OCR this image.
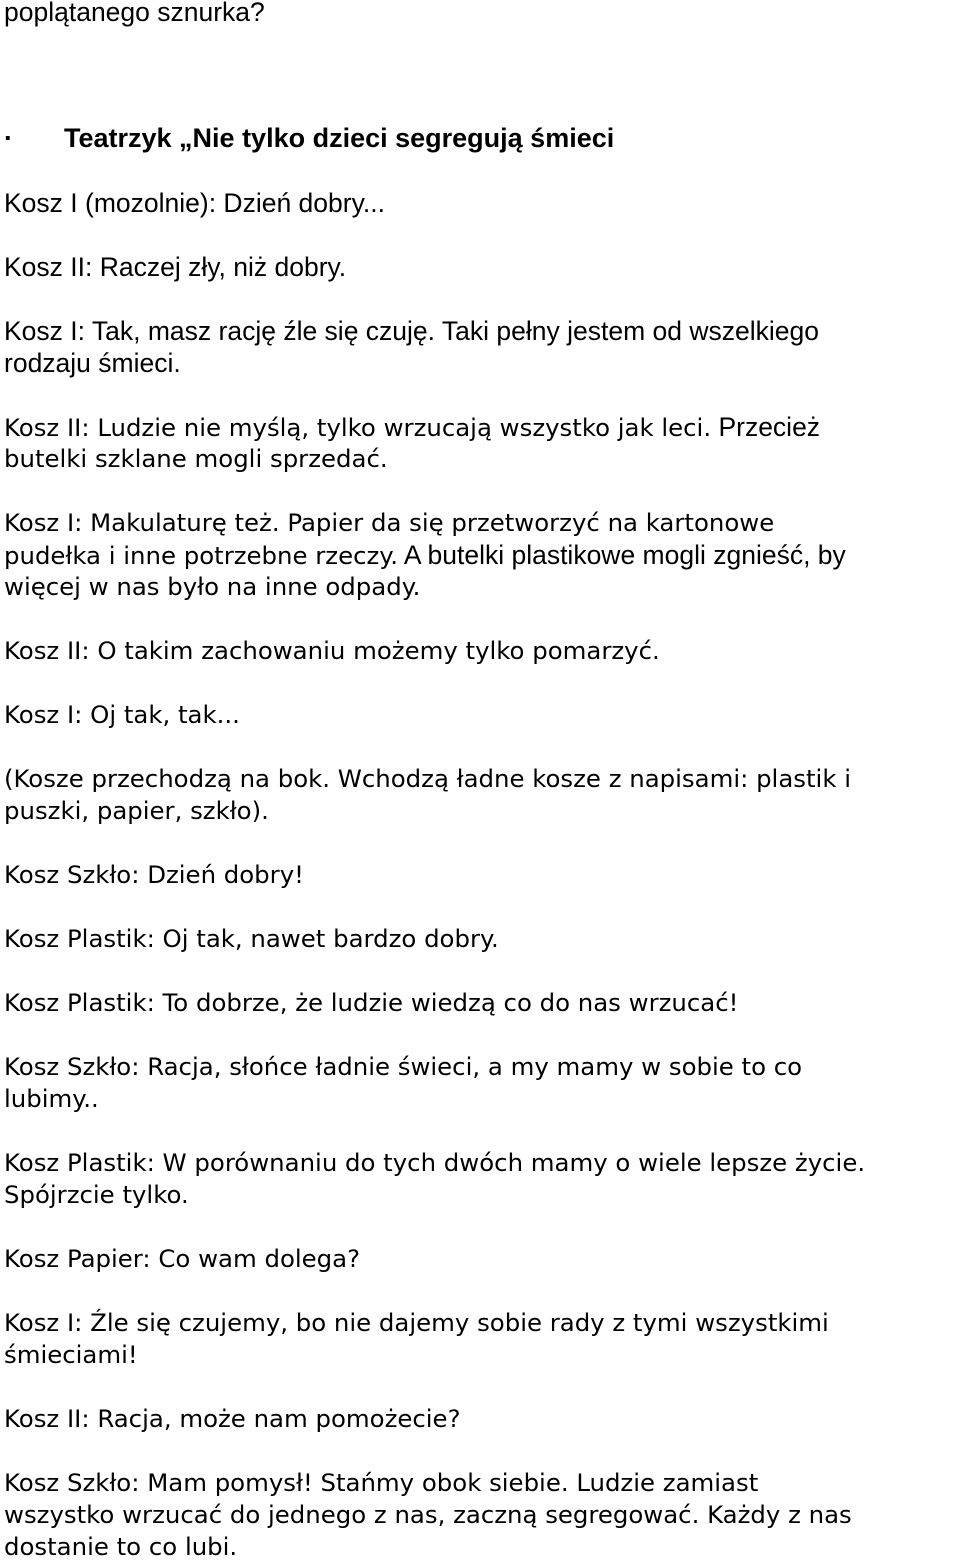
poplątanego sznurka?
· Teatrzyk „Nie tylko dzieci segregują śmieci
Kosz I (mozolnie): Dzień dobry...
Kosz II: Raczej zły, niż dobry.
Kosz I: Tak, masz rację źle się czuję. Taki pełny jestem od wszelkiego
rodzaju śmieci.
Kosz II: Ludzie nie myślą, tylko wrzucają wszystko jak leci. Przecież
butelki szklane mogli sprzedać.
Kosz I: Makulaturę też. Papier da się przetworzyć na kartonowe
pudełka i inne potrzebne rzeczy. A butelki plastikowe mogli zgnieść, by
więcej w nas było na inne odpady.
Kosz II: O takim zachowaniu możemy tylko pomarzyć.
Kosz I: Oj tak, tak...
(Kosze przechodzą na bok. Wchodzą ładne kosze z napisami: plastik i
puszki, papier, szkło).
Kosz Szkło: Dzień dobry!
Kosz Plastik: Oj tak, nawet bardzo dobry.
Kosz Plastik: To dobrze, że ludzie wiedzą co do nas wrzucać!
Kosz Szkło: Racja, słońce ładnie świeci, a my mamy w sobie to co
lubimy..
Kosz Plastik: W porównaniu do tych dwóch mamy o wiele lepsze życie.
Spójrzcie tylko.
Kosz Papier: Co wam dolega?
Kosz I: Źle się czujemy, bo nie dajemy sobie rady z tymi wszystkimi
śmieciami!
Kosz II: Racja, może nam pomożecie?
Kosz Szkło: Mam pomysł! Stańmy obok siebie. Ludzie zamiast
wszystko wrzucać do jednego z nas, zaczną segregować. Każdy z nas
dostanie to co lubi.
